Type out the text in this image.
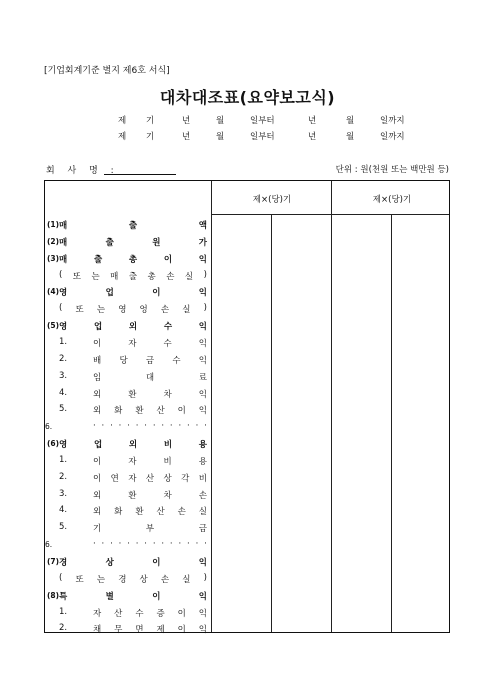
[기업회계기준 별지 제6호 서식]
대차대조표(요약보고식)
제 기	년	월	일부터	년	월	일까지
제 기	년	월	일부터	년	월	일까지
회 사 명 :	단위 : 원(천원 또는 백만원 등)
제×(당)기	제×(당)기
(1) 매	출	액
(2) 매	출	원	가
(3) 매	출	총	이	익
( 또 는 매 출 총 손 실 )
(4) 영	업	이	익
( 또 는 영 엉 손 실 )
(5) 영	업	외	수	익
1.	이	자	수	익
2.	배 당 금 수 익
3.	임	대	료
4.	외	환	차	익
5.	외 화 환 산 이 익
6.	· · · · · · · · · · · · · ·
(6) 영	업	외	비	용
1.	이	자	비	용
2.	이 연 자 산 상 각 비
3.	외	환	차	손
4.	외 화 환 산 손 실
5.	기	부	금
6.	· · · · · · · · · · · · · ·
(7) 경	상	이	익
( 또 는 경 상 손 실 )
(8) 특	별	이	익
1.	자 산 수 증 이 익
2.	채 무 면 제 이 익
